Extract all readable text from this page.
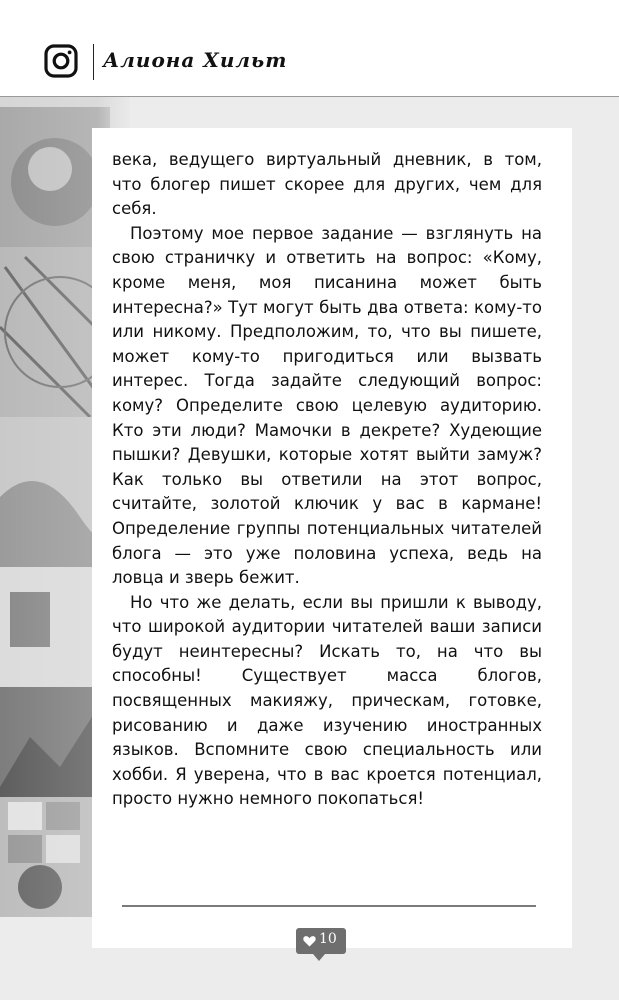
Алиона Хильт

века, ведущего виртуальный дневник, в том, что блогер пишет скорее для других, чем для себя.

Поэтому мое первое задание — взглянуть на свою страничку и ответить на вопрос: «Кому, кроме меня, моя писанина может быть интересна?» Тут могут быть два ответа: кому-то или никому. Предположим, то, что вы пишете, может кому-то пригодиться или вызвать интерес. Тогда задайте следующий вопрос: кому? Определите свою целевую аудиторию. Кто эти люди? Мамочки в декрете? Худеющие пышки? Девушки, которые хотят выйти замуж? Как только вы ответили на этот вопрос, считайте, золотой ключик у вас в кармане! Определение группы потенциальных читателей блога — это уже половина успеха, ведь на ловца и зверь бежит.

Но что же делать, если вы пришли к выводу, что широкой аудитории читателей ваши записи будут неинтересны? Искать то, на что вы способны! Существует масса блогов, посвященных макияжу, прическам, готовке, рисованию и даже изучению иностранных языков. Вспомните свою специальность или хобби. Я уверена, что в вас кроется потенциал, просто нужно немного покопаться!

10
